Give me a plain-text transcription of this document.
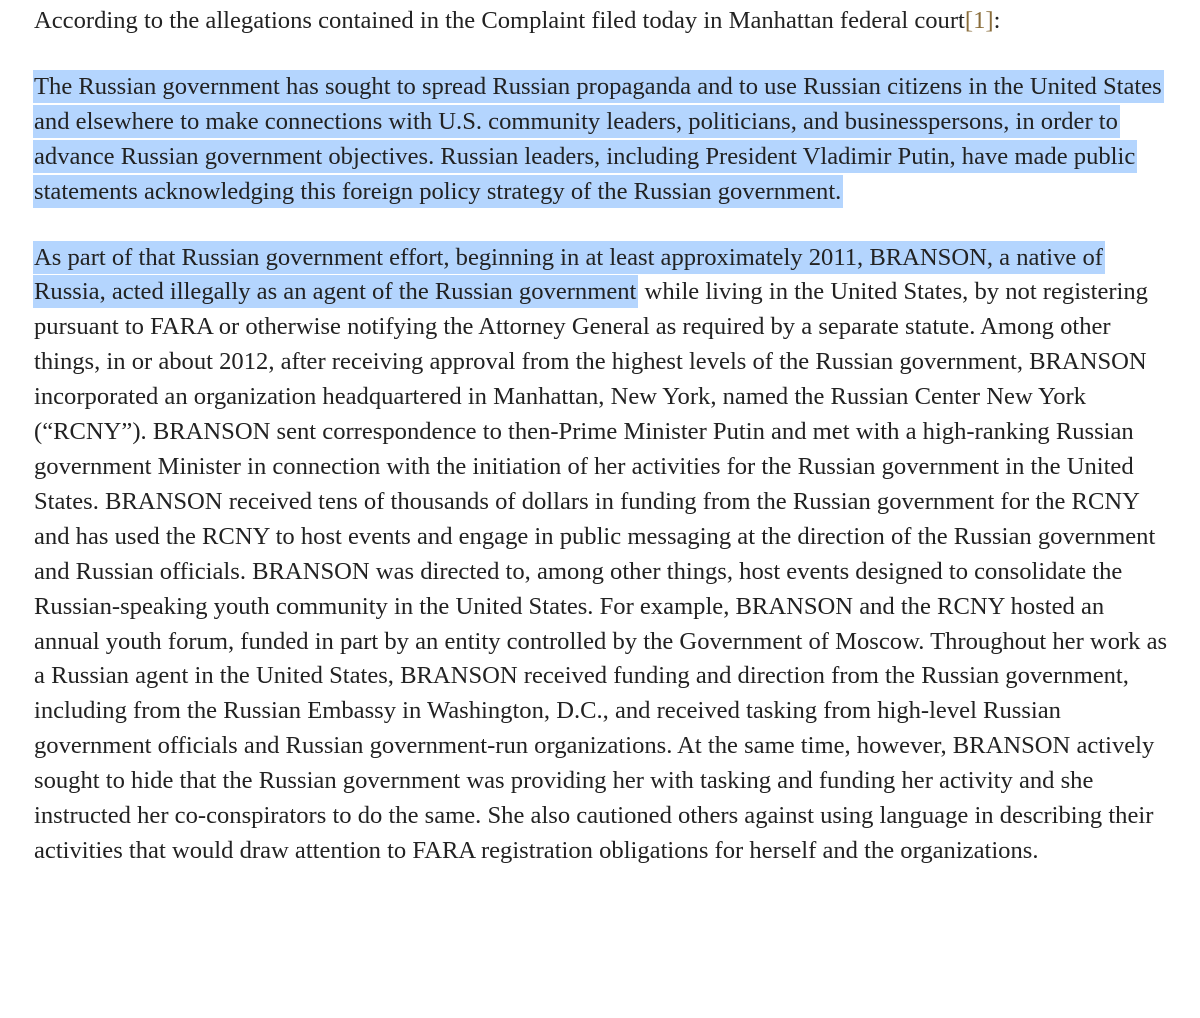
According to the allegations contained in the Complaint filed today in Manhattan federal court[1]:

The Russian government has sought to spread Russian propaganda and to use Russian citizens in the United States and elsewhere to make connections with U.S. community leaders, politicians, and businesspersons, in order to advance Russian government objectives. Russian leaders, including President Vladimir Putin, have made public statements acknowledging this foreign policy strategy of the Russian government.

As part of that Russian government effort, beginning in at least approximately 2011, BRANSON, a native of Russia, acted illegally as an agent of the Russian government while living in the United States, by not registering pursuant to FARA or otherwise notifying the Attorney General as required by a separate statute. Among other things, in or about 2012, after receiving approval from the highest levels of the Russian government, BRANSON incorporated an organization headquartered in Manhattan, New York, named the Russian Center New York (“RCNY”). BRANSON sent correspondence to then-Prime Minister Putin and met with a high-ranking Russian government Minister in connection with the initiation of her activities for the Russian government in the United States. BRANSON received tens of thousands of dollars in funding from the Russian government for the RCNY and has used the RCNY to host events and engage in public messaging at the direction of the Russian government and Russian officials. BRANSON was directed to, among other things, host events designed to consolidate the Russian-speaking youth community in the United States. For example, BRANSON and the RCNY hosted an annual youth forum, funded in part by an entity controlled by the Government of Moscow. Throughout her work as a Russian agent in the United States, BRANSON received funding and direction from the Russian government, including from the Russian Embassy in Washington, D.C., and received tasking from high-level Russian government officials and Russian government-run organizations. At the same time, however, BRANSON actively sought to hide that the Russian government was providing her with tasking and funding her activity and she instructed her co-conspirators to do the same. She also cautioned others against using language in describing their activities that would draw attention to FARA registration obligations for herself and the organizations.
